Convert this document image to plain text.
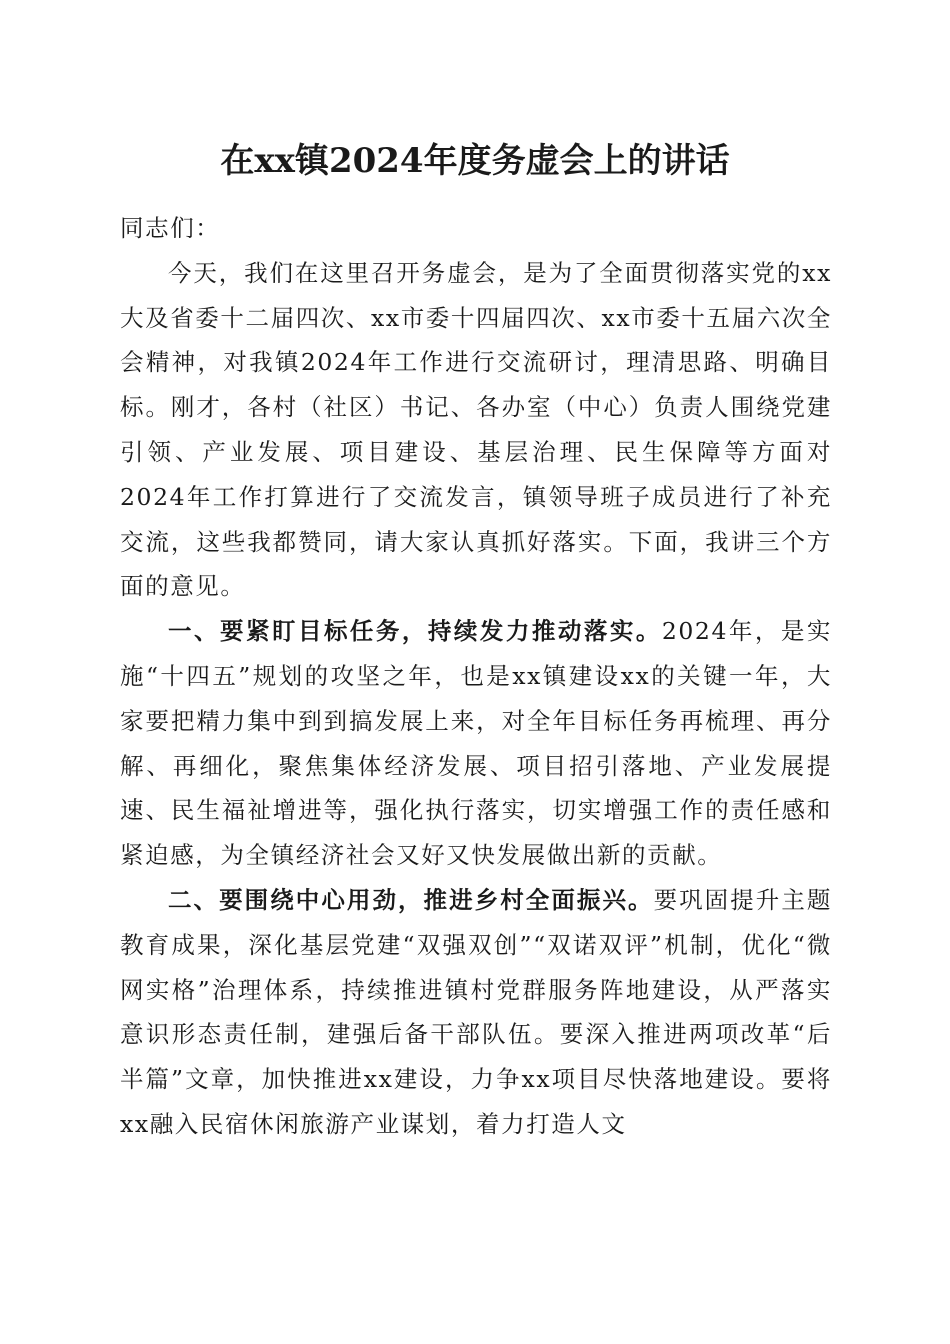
在xx镇2024年度务虚会上的讲话

同志们：

今天，我们在这里召开务虚会，是为了全面贯彻落实党的xx大及省委十二届四次、xx市委十四届四次、xx市委十五届六次全会精神，对我镇2024年工作进行交流研讨，理清思路、明确目标。刚才，各村（社区）书记、各办室（中心）负责人围绕党建引领、产业发展、项目建设、基层治理、民生保障等方面对2024年工作打算进行了交流发言，镇领导班子成员进行了补充交流，这些我都赞同，请大家认真抓好落实。下面，我讲三个方面的意见。

一、要紧盯目标任务，持续发力推动落实。2024年，是实施“十四五”规划的攻坚之年，也是xx镇建设xx的关键一年，大家要把精力集中到到搞发展上来，对全年目标任务再梳理、再分解、再细化，聚焦集体经济发展、项目招引落地、产业发展提速、民生福祉增进等，强化执行落实，切实增强工作的责任感和紧迫感，为全镇经济社会又好又快发展做出新的贡献。

二、要围绕中心用劲，推进乡村全面振兴。要巩固提升主题教育成果，深化基层党建“双强双创”“双诺双评”机制，优化“微网实格”治理体系，持续推进镇村党群服务阵地建设，从严落实意识形态责任制，建强后备干部队伍。要深入推进两项改革“后半篇”文章，加快推进xx建设，力争xx项目尽快落地建设。要将xx融入民宿休闲旅游产业谋划，着力打造人文
